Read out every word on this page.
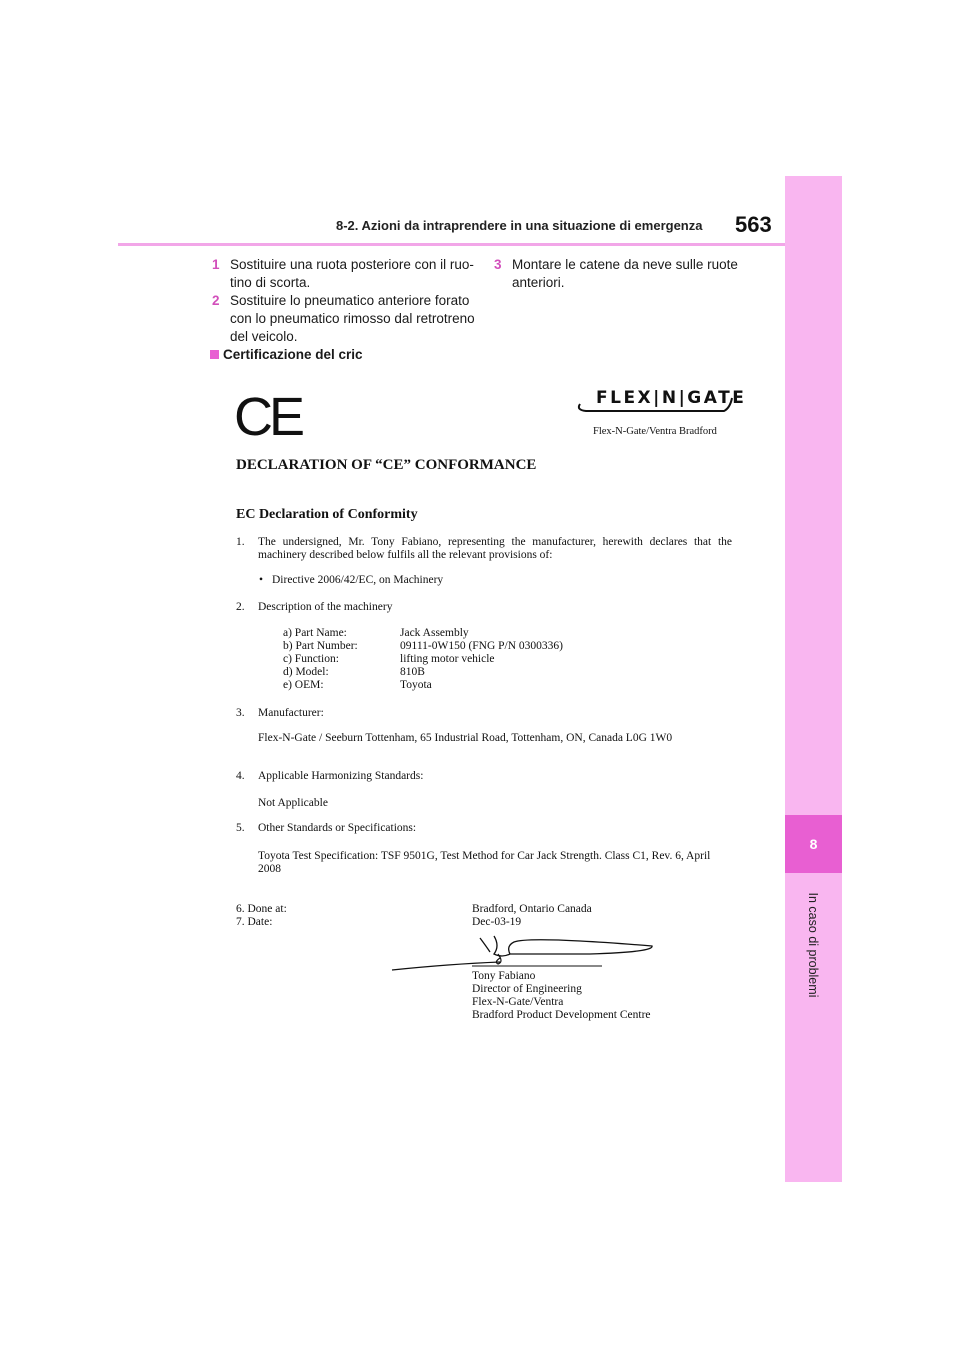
8-2. Azioni da intraprendere in una situazione di emergenza 563
8
In caso di problemi
1 Sostituire una ruota posteriore con il ruo-
tino di scorta.
2 Sostituire lo pneumatico anteriore forato
con lo pneumatico rimosso dal retrotreno
del veicolo.
3 Montare le catene da neve sulle ruote
anteriori.
Certificazione del cric
CE	FLEX|N|GATE
Flex-N-Gate/Ventra Bradford
DECLARATION OF “CE” CONFORMANCE
EC Declaration of Conformity
1. The undersigned, Mr. Tony Fabiano, representing the manufacturer, herewith declares that the machinery described below fulfils all the relevant provisions of:
• Directive 2006/42/EC, on Machinery
2. Description of the machinery
a) Part Name:	Jack Assembly
b) Part Number:	09111-0W150 (FNG P/N 0300336)
c) Function:	lifting motor vehicle
d) Model:	810B
e) OEM:	Toyota
3. Manufacturer:
Flex-N-Gate / Seeburn Tottenham, 65 Industrial Road, Tottenham, ON, Canada L0G 1W0
4. Applicable Harmonizing Standards:
Not Applicable
5. Other Standards or Specifications:
Toyota Test Specification: TSF 9501G, Test Method for Car Jack Strength. Class C1, Rev. 6, April
2008
6. Done at:	Bradford, Ontario Canada
7. Date:	Dec-03-19
Tony Fabiano
Director of Engineering
Flex-N-Gate/Ventra
Bradford Product Development Centre
